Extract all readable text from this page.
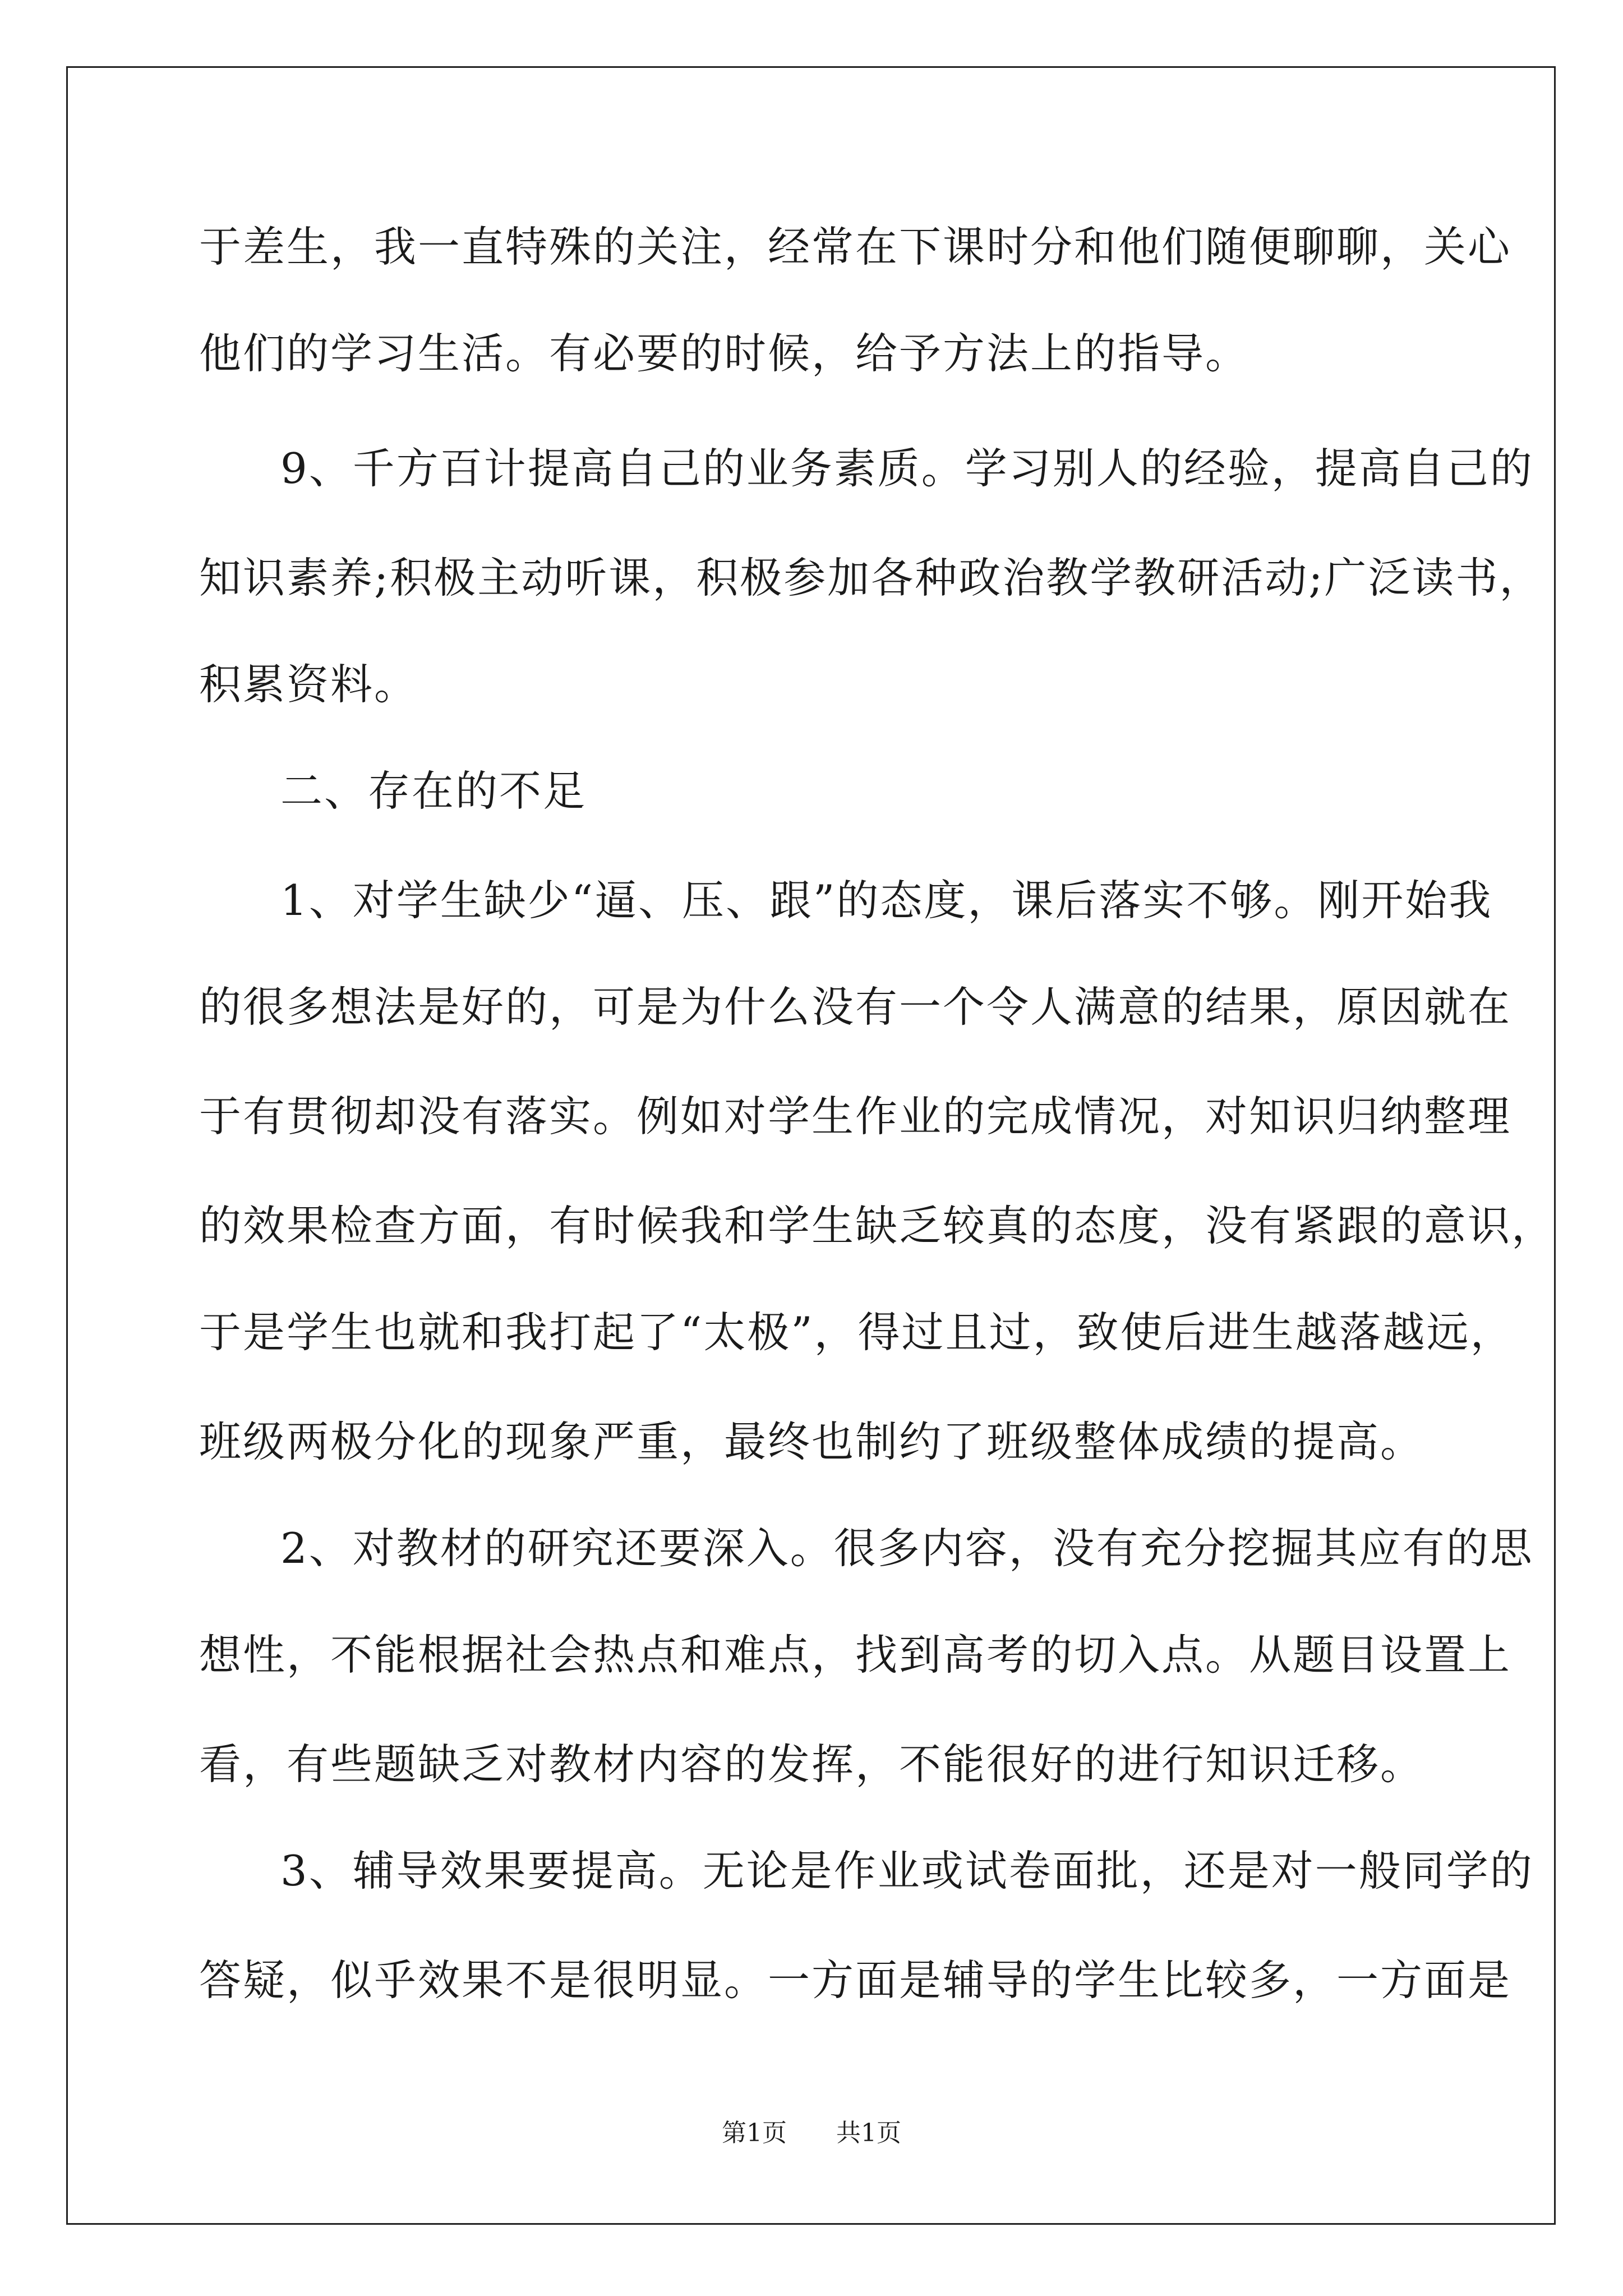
于差生，我一直特殊的关注，经常在下课时分和他们随便聊聊，关心
他们的学习生活。有必要的时候，给予方法上的指导。
9、千方百计提高自己的业务素质。学习别人的经验，提高自己的
知识素养;积极主动听课，积极参加各种政治教学教研活动;广泛读书，
积累资料。
二、存在的不足
1、对学生缺少“逼、压、跟”的态度，课后落实不够。刚开始我
的很多想法是好的，可是为什么没有一个令人满意的结果，原因就在
于有贯彻却没有落实。例如对学生作业的完成情况，对知识归纳整理
的效果检查方面，有时候我和学生缺乏较真的态度，没有紧跟的意识，
于是学生也就和我打起了“太极”，得过且过，致使后进生越落越远，
班级两极分化的现象严重，最终也制约了班级整体成绩的提高。
2、对教材的研究还要深入。很多内容，没有充分挖掘其应有的思
想性，不能根据社会热点和难点，找到高考的切入点。从题目设置上
看，有些题缺乏对教材内容的发挥，不能很好的进行知识迁移。
3、辅导效果要提高。无论是作业或试卷面批，还是对一般同学的
答疑，似乎效果不是很明显。一方面是辅导的学生比较多，一方面是
第1页 共1页
